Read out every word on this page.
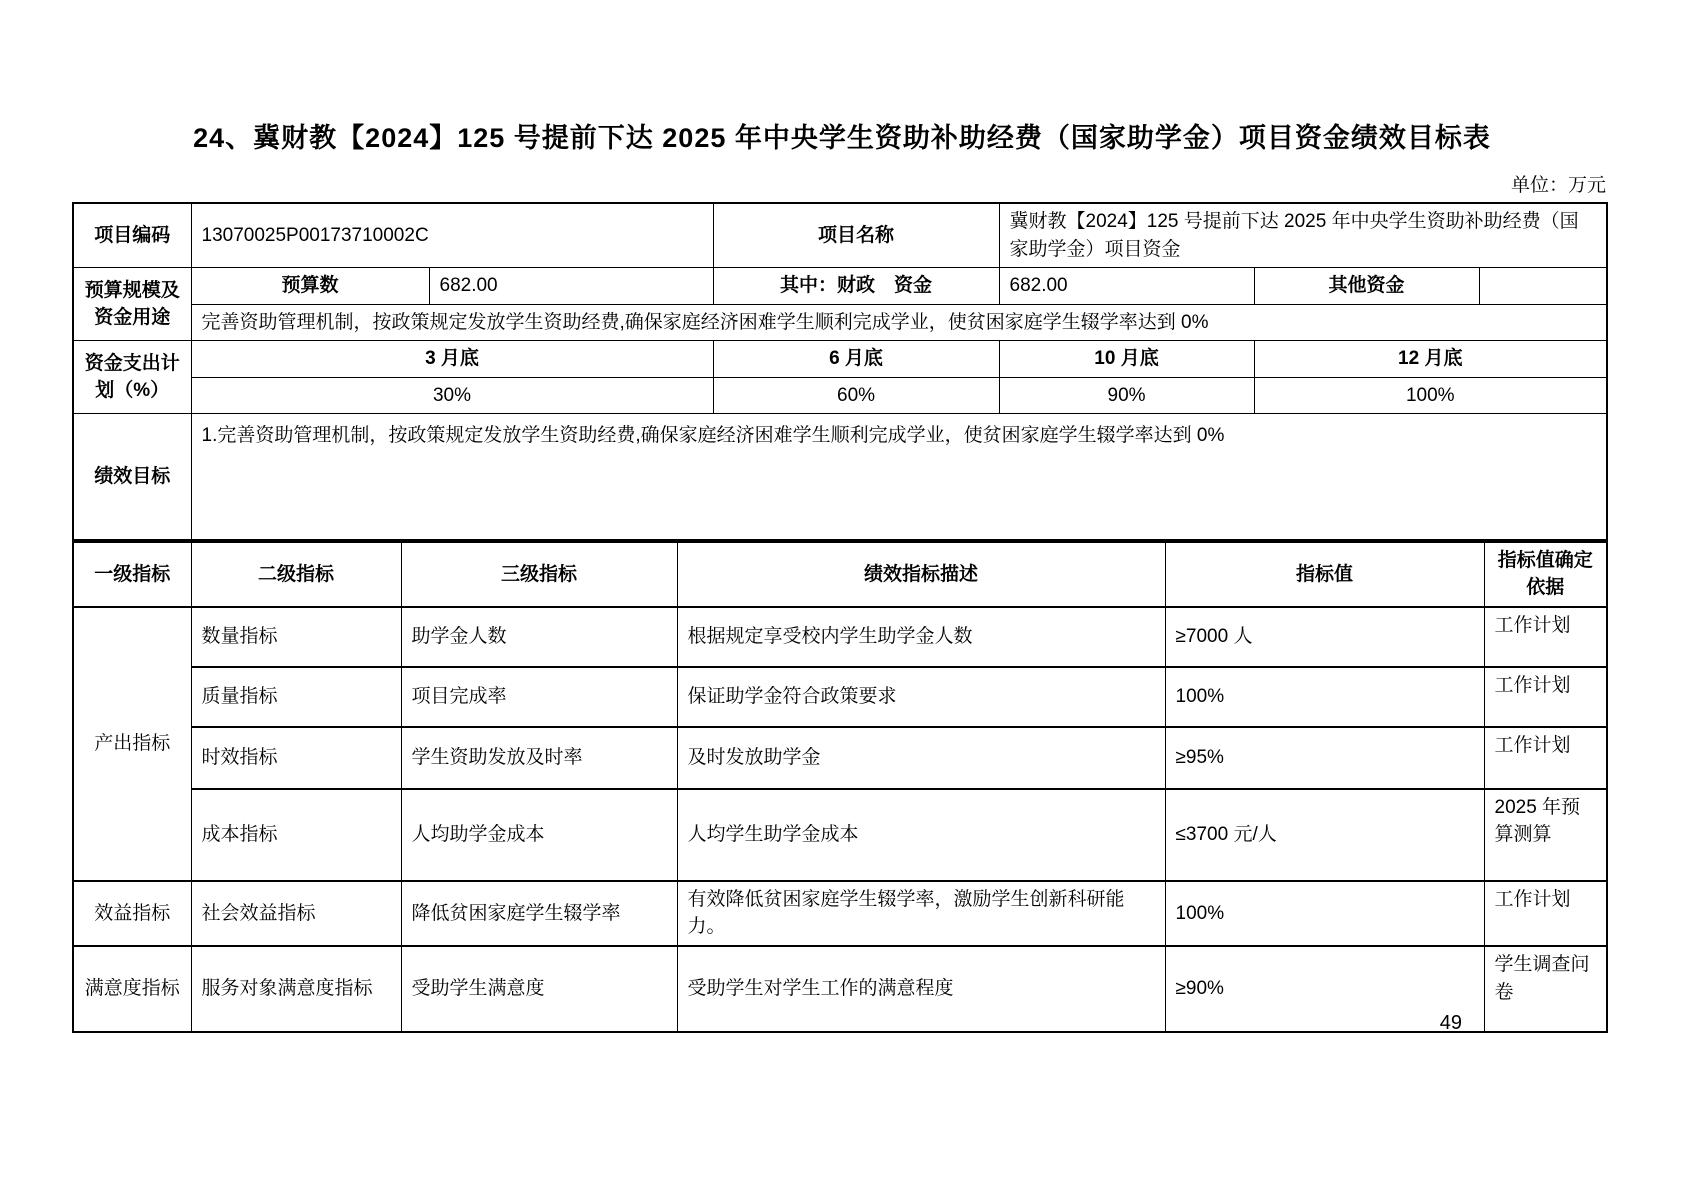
24、冀财教【2024】125 号提前下达 2025 年中央学生资助补助经费（国家助学金）项目资金绩效目标表
单位：万元
项目编码	13070025P00173710002C		项目名称	冀财教【2024】125 号提前下达 2025 年中央学生资助补助经费（国家助学金）项目资金		
预算规模及资金用途	预算数	682.00	其中：财政　资金	682.00	其他资金	
	完善资助管理机制，按政策规定发放学生资助经费,确保家庭经济困难学生顺利完成学业，使贫困家庭学生辍学率达到 0%					
资金支出计划（%）	3 月底		6 月底	10 月底	12 月底	
	30%		60%	90%	100%	
绩效目标	1.完善资助管理机制，按政策规定发放学生资助经费,确保家庭经济困难学生顺利完成学业，使贫困家庭学生辍学率达到 0%					
一级指标	二级指标	三级指标	绩效指标描述	指标值	指标值确定依据
产出指标	数量指标	助学金人数	根据规定享受校内学生助学金人数	≥7000 人	工作计划
	质量指标	项目完成率	保证助学金符合政策要求	100%	工作计划
	时效指标	学生资助发放及时率	及时发放助学金	≥95%	工作计划
	成本指标	人均助学金成本	人均学生助学金成本	≤3700 元/人	2025 年预算测算
效益指标	社会效益指标	降低贫困家庭学生辍学率	有效降低贫困家庭学生辍学率，激励学生创新科研能力。	100%	工作计划
满意度指标	服务对象满意度指标	受助学生满意度	受助学生对学生工作的满意程度	≥90%	学生调查问卷
49
